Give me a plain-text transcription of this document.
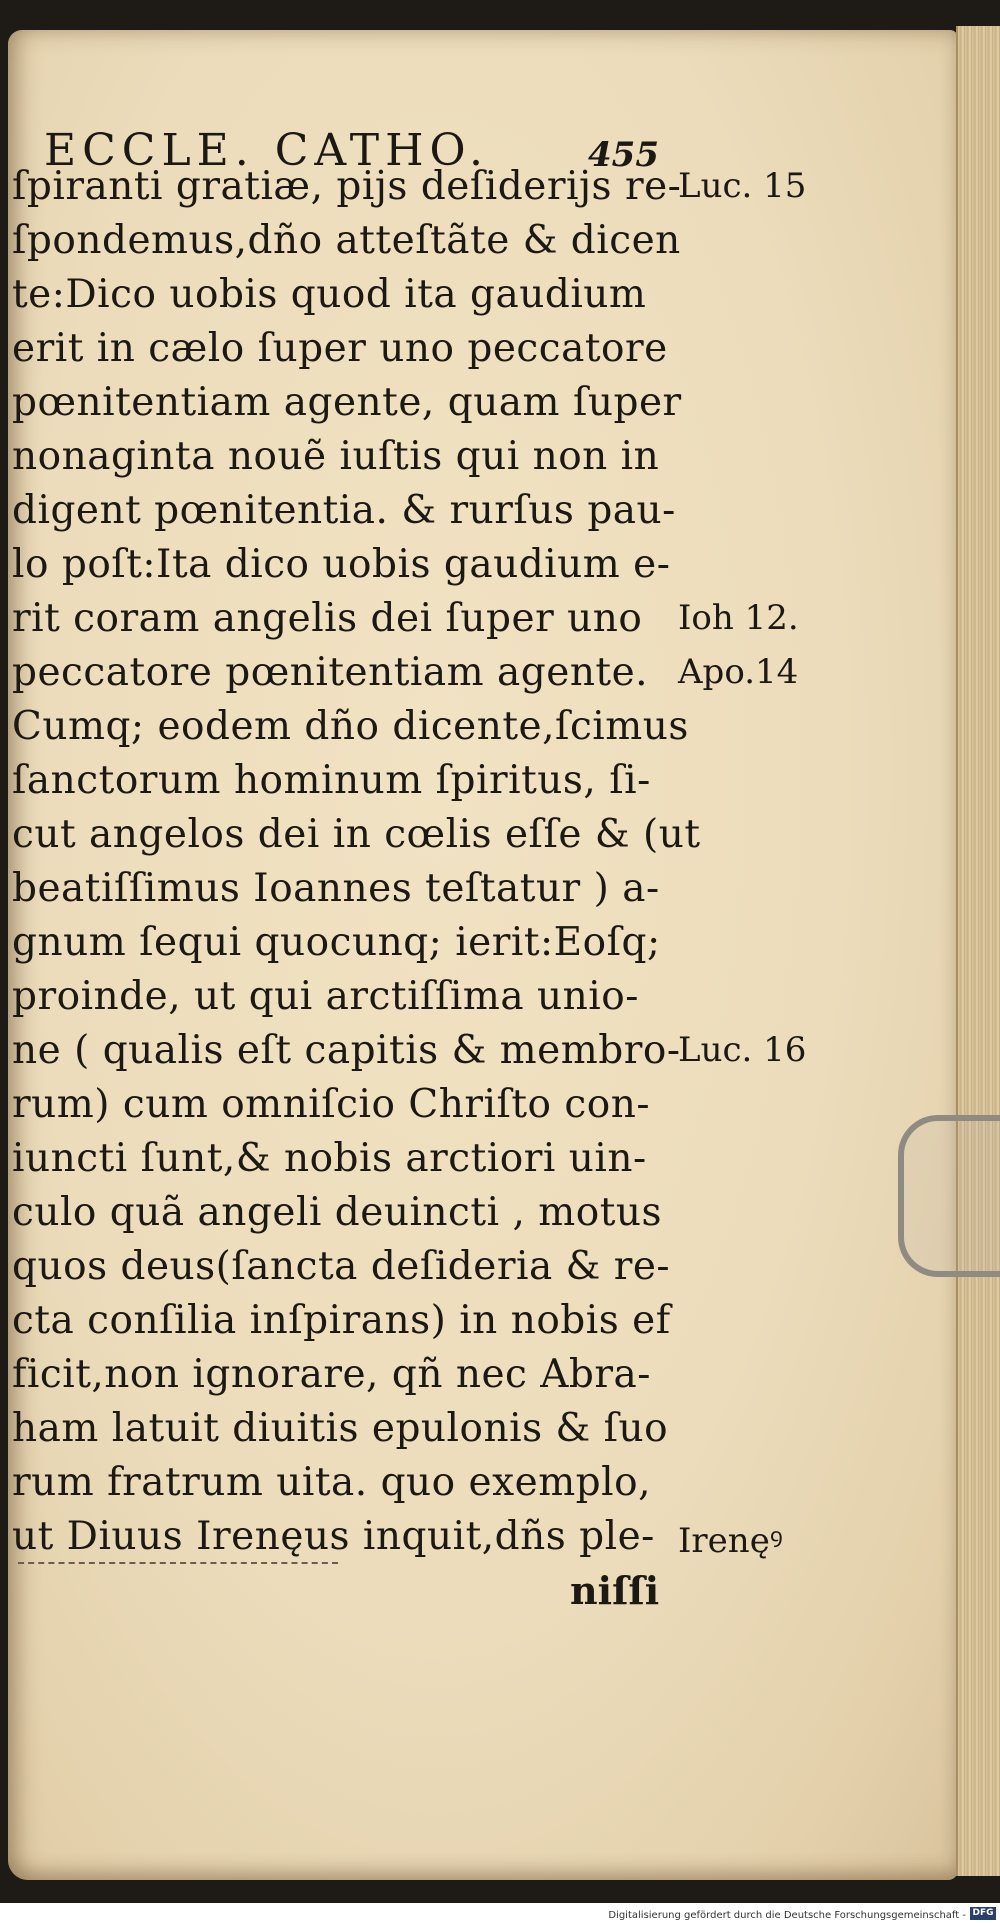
ECCLE. CATHO.	455
ſpiranti gratiæ, pijs deſiderijs re-
ſpondemus,dño atteſtãte & dicen
te:Dico uobis quod ita gaudium
erit in cælo ſuper uno peccatore
pœnitentiam agente, quam ſuper
nonaginta nouẽ iuſtis qui non in
digent pœnitentia. & rurſus pau-
lo poſt:Ita dico uobis gaudium e-
rit coram angelis dei ſuper uno
peccatore pœnitentiam agente.
Cumq; eodem dño dicente,ſcimus
ſanctorum hominum ſpiritus, ſi-
cut angelos dei in cœlis eſſe & (ut
beatiſſimus Ioannes teſtatur ) a-
gnum ſequi quocunq; ierit:Eoſq;
proinde, ut qui arctiſſima unio-
ne ( qualis eſt capitis & membro-
rum) cum omniſcio Chriſto con-
iuncti ſunt,& nobis arctiori uin-
culo quã angeli deuincti , motus
quos deus(ſancta deſideria & re-
cta conſilia inſpirans) in nobis ef
ficit,non ignorare, qñ nec Abra-
ham latuit diuitis epulonis & ſuo
rum fratrum uita. quo exemplo,
ut Diuus Irenęus inquit,dñs ple-
Luc. 15
Ioh 12.
Apo.14
Luc. 16
Irenęꝰ
niſſi
Digitalisierung gefördert durch die Deutsche Forschungsgemeinschaft - DFG
